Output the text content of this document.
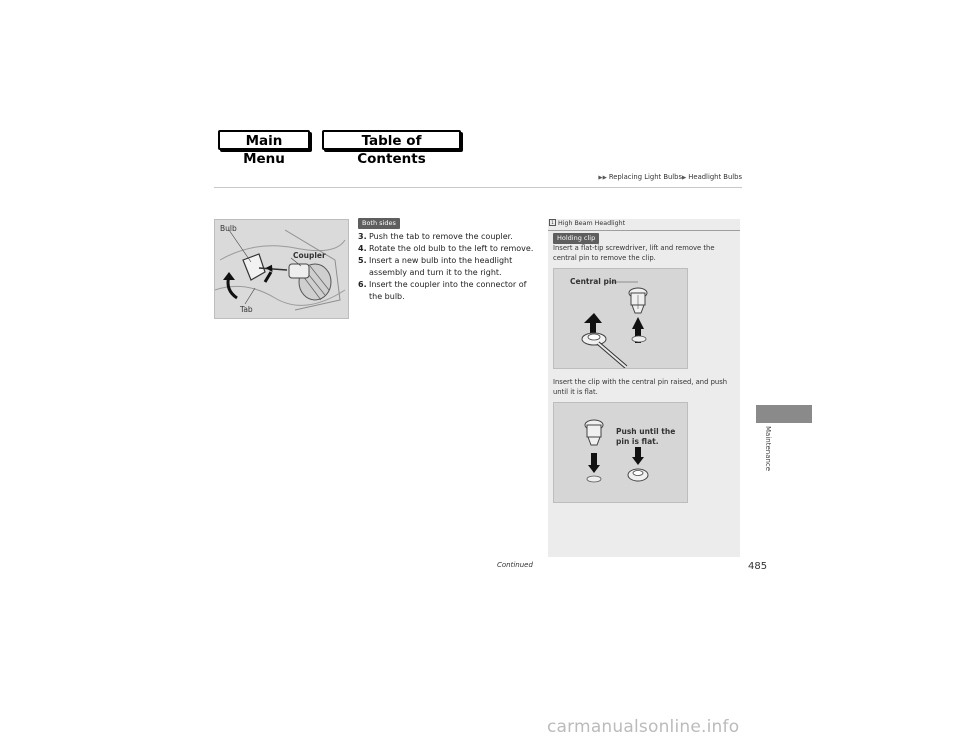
Main Menu
Table of Contents
▶▶ Replacing Light Bulbs▶ Headlight Bulbs
Bulb
Coupler
Tab
Both sides
3. Push the tab to remove the coupler.
4. Rotate the old bulb to the left to remove.
5. Insert a new bulb into the headlight assembly and turn it to the right.
6. Insert the coupler into the connector of the bulb.
1 High Beam Headlight
Holding clip
Insert a flat-tip screwdriver, lift and remove the central pin to remove the clip.
Central pin
Insert the clip with the central pin raised, and push until it is flat.
Push until the
pin is flat.	Maintenance
Continued	485
carmanualsonline.info
